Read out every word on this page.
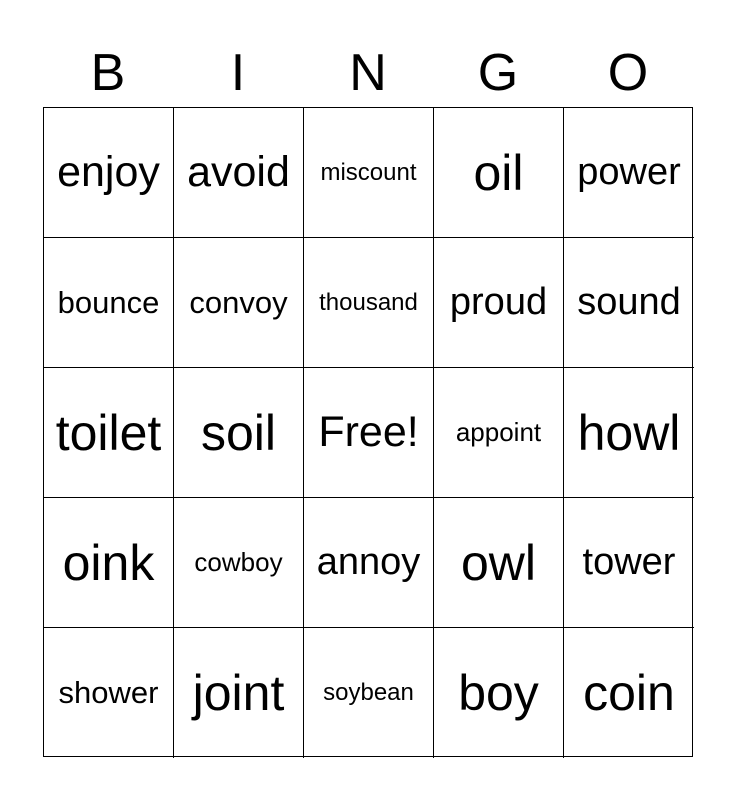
B	I	N	G	O
enjoy avoid miscount oil power
bounce convoy thousand proud sound
toilet soil Free! appoint howl
oink cowboy annoy owl tower
shower joint soybean boy coin
